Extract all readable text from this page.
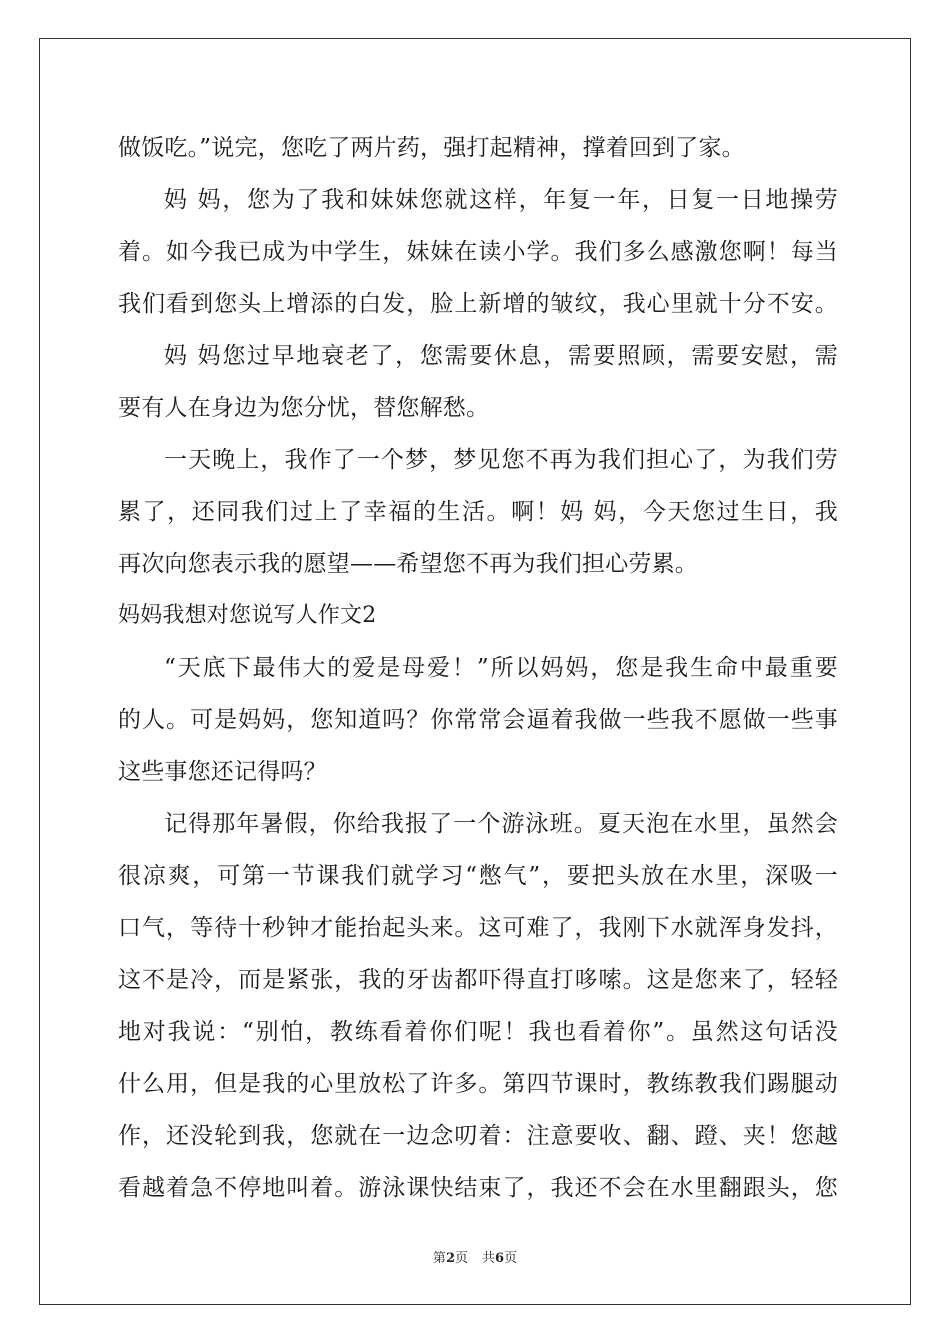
做饭吃。”说完，您吃了两片药，强打起精神，撑着回到了家。
妈 妈，您为了我和妹妹您就这样，年复一年，日复一日地操劳
着。如今我已成为中学生，妹妹在读小学。我们多么感激您啊！每当
我们看到您头上增添的白发，脸上新增的皱纹，我心里就十分不安。
妈 妈您过早地衰老了，您需要休息，需要照顾，需要安慰，需
要有人在身边为您分忧，替您解愁。
一天晚上，我作了一个梦，梦见您不再为我们担心了，为我们劳
累了，还同我们过上了幸福的生活。啊！妈 妈，今天您过生日，我
再次向您表示我的愿望——希望您不再为我们担心劳累。
妈妈我想对您说写人作文2
“天底下最伟大的爱是母爱！”所以妈妈，您是我生命中最重要
的人。可是妈妈，您知道吗？你常常会逼着我做一些我不愿做一些事
这些事您还记得吗？
记得那年暑假，你给我报了一个游泳班。夏天泡在水里，虽然会
很凉爽，可第一节课我们就学习“憋气”，要把头放在水里，深吸一
口气，等待十秒钟才能抬起头来。这可难了，我刚下水就浑身发抖，
这不是冷，而是紧张，我的牙齿都吓得直打哆嗦。这是您来了，轻轻
地对我说：“别怕，教练看着你们呢！我也看着你”。虽然这句话没
什么用，但是我的心里放松了许多。第四节课时，教练教我们踢腿动
作，还没轮到我，您就在一边念叨着：注意要收、翻、蹬、夹！您越
看越着急不停地叫着。游泳课快结束了，我还不会在水里翻跟头，您
第2页 共6页
